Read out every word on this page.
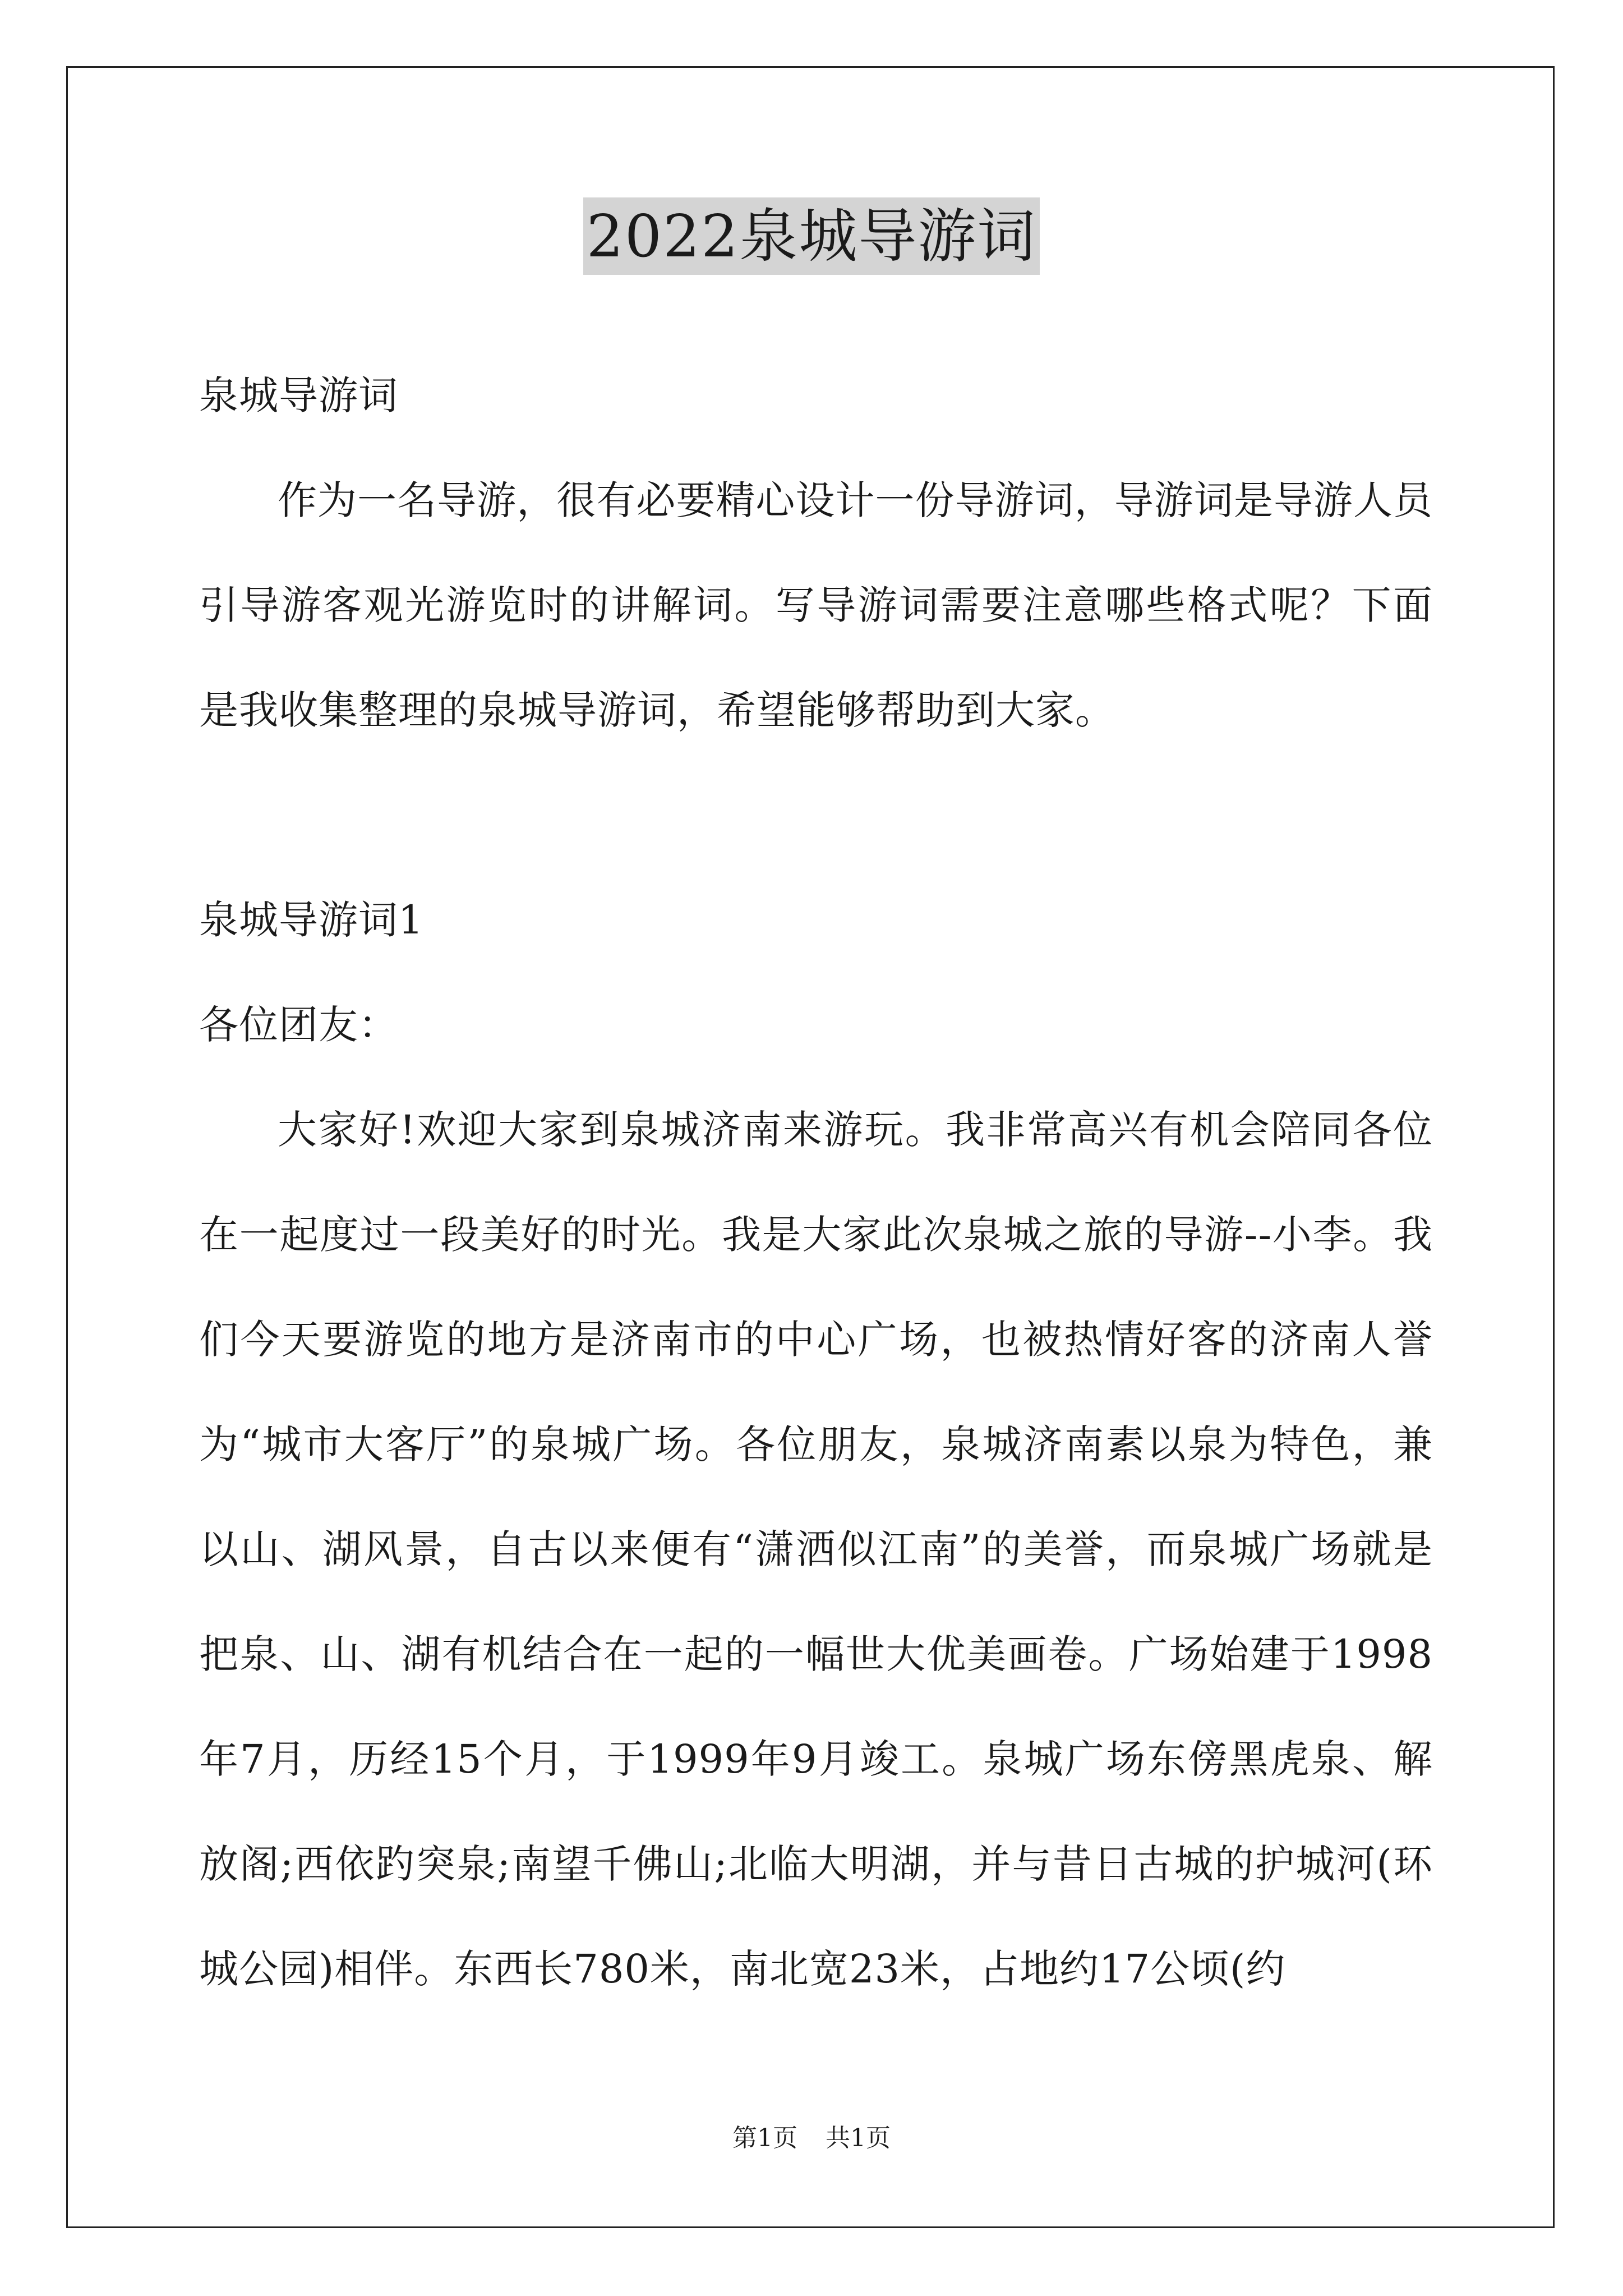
2022泉城导游词

泉城导游词

作为一名导游，很有必要精心设计一份导游词，导游词是导游人员引导游客观光游览时的讲解词。写导游词需要注意哪些格式呢？下面是我收集整理的泉城导游词，希望能够帮助到大家。

泉城导游词1

各位团友：

大家好!欢迎大家到泉城济南来游玩。我非常高兴有机会陪同各位在一起度过一段美好的时光。我是大家此次泉城之旅的导游--小李。我们今天要游览的地方是济南市的中心广场，也被热情好客的济南人誉为“城市大客厅”的泉城广场。各位朋友，泉城济南素以泉为特色，兼以山、湖风景，自古以来便有“潇洒似江南”的美誉，而泉城广场就是把泉、山、湖有机结合在一起的一幅世大优美画卷。广场始建于1998年7月，历经15个月，于1999年9月竣工。泉城广场东傍黑虎泉、解放阁;西依趵突泉;南望千佛山;北临大明湖，并与昔日古城的护城河(环城公园)相伴。东西长780米，南北宽23米，占地约17公顷(约

第1页 共1页
